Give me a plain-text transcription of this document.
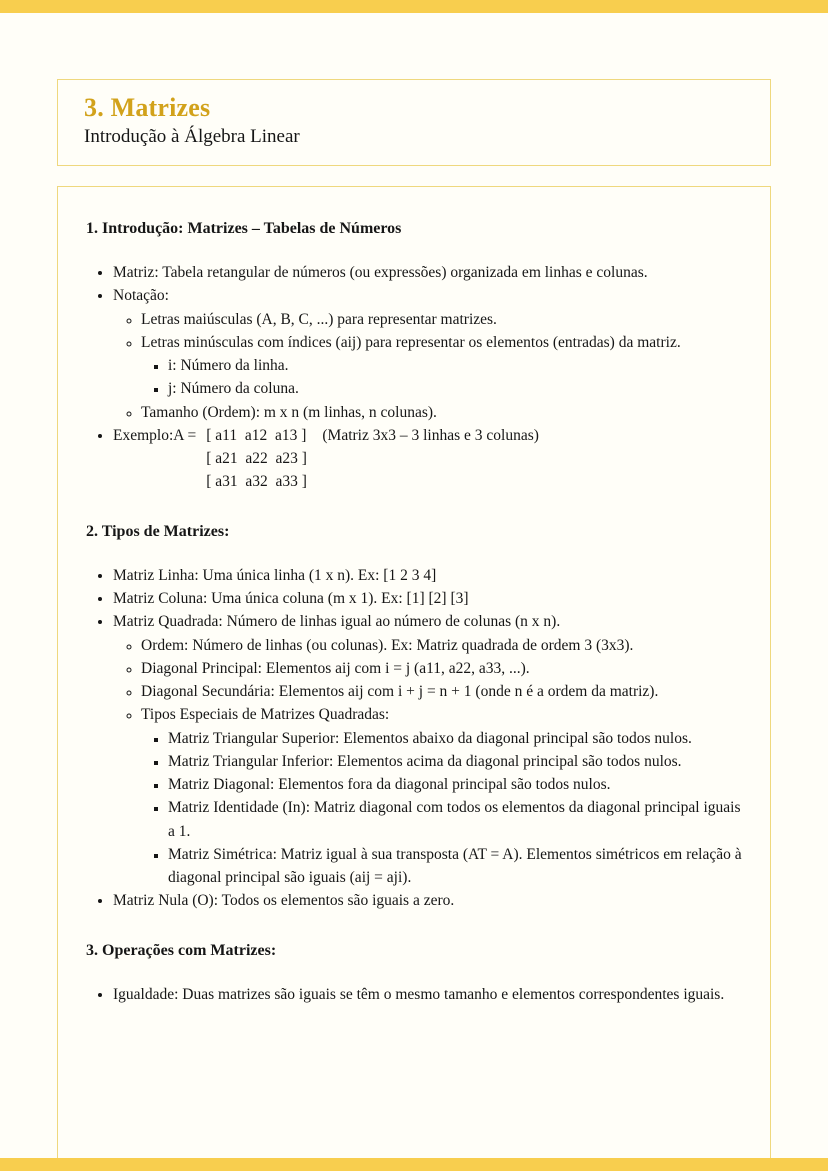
3. Matrizes
Introdução à Álgebra Linear
1. Introdução: Matrizes – Tabelas de Números
• Matriz: Tabela retangular de números (ou expressões) organizada em linhas e colunas.
• Notação:
◦ Letras maiúsculas (A, B, C, ...) para representar matrizes.
◦ Letras minúsculas com índices (aij) para representar os elementos (entradas) da matriz.
▪ i: Número da linha.
▪ j: Número da coluna.
◦ Tamanho (Ordem): m x n (m linhas, n colunas).
• Exemplo:A = [ a11  a12  a13 ] (Matriz 3x3 – 3 linhas e 3 colunas)
[ a21  a22  a23 ]
[ a31  a32  a33 ]
2. Tipos de Matrizes:
• Matriz Linha: Uma única linha (1 x n). Ex: [1 2 3 4]
• Matriz Coluna: Uma única coluna (m x 1). Ex: [1] [2] [3]
• Matriz Quadrada: Número de linhas igual ao número de colunas (n x n).
◦ Ordem: Número de linhas (ou colunas). Ex: Matriz quadrada de ordem 3 (3x3).
◦ Diagonal Principal: Elementos aij com i = j (a11, a22, a33, ...).
◦ Diagonal Secundária: Elementos aij com i + j = n + 1 (onde n é a ordem da matriz).
◦ Tipos Especiais de Matrizes Quadradas:
▪ Matriz Triangular Superior: Elementos abaixo da diagonal principal são todos nulos.
▪ Matriz Triangular Inferior: Elementos acima da diagonal principal são todos nulos.
▪ Matriz Diagonal: Elementos fora da diagonal principal são todos nulos.
▪ Matriz Identidade (In): Matriz diagonal com todos os elementos da diagonal principal iguais a 1.
▪ Matriz Simétrica: Matriz igual à sua transposta (AT = A). Elementos simétricos em relação à diagonal principal são iguais (aij = aji).
• Matriz Nula (O): Todos os elementos são iguais a zero.
3. Operações com Matrizes:
• Igualdade: Duas matrizes são iguais se têm o mesmo tamanho e elementos correspondentes iguais.
